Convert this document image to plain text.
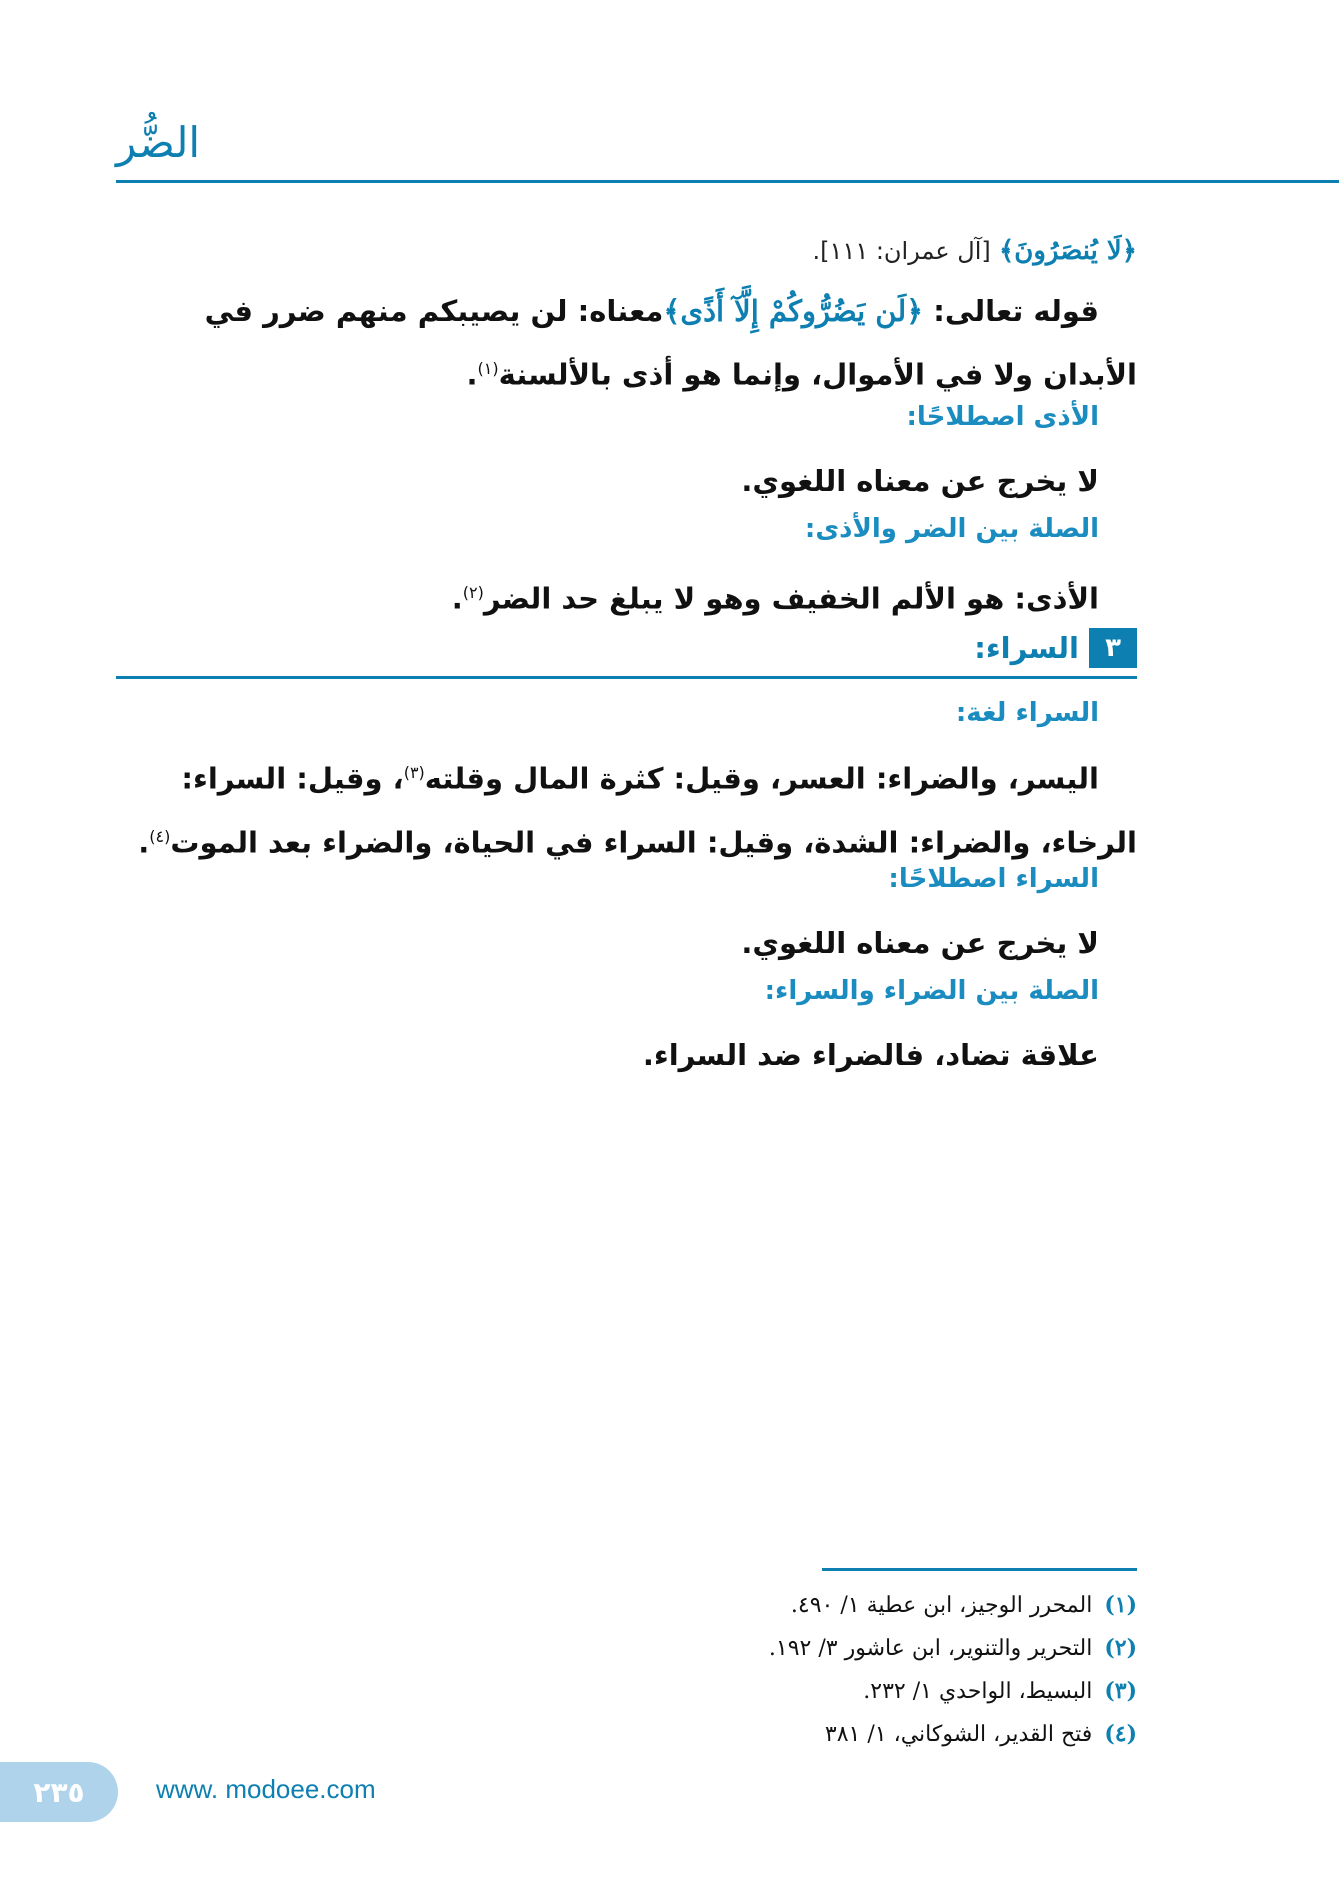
الضُّر
﴿لَا يُنصَرُونَ﴾ [آل عمران: ١١١].
قوله تعالى: ﴿لَن يَضُرُّوكُمْ إِلَّآ أَذًى﴾معناه: لن يصيبكم منهم ضرر في الأبدان ولا في الأموال، وإنما هو أذى بالألسنة$^{(١)}$.
الأذى اصطلاحًا:
لا يخرج عن معناه اللغوي.
الصلة بين الضر والأذى:
الأذى: هو الألم الخفيف وهو لا يبلغ حد الضر$^{(٢)}$.
٣
السراء:
السراء لغة:
اليسر، والضراء: العسر، وقيل: كثرة المال وقلته$^{(٣)}$، وقيل: السراء: الرخاء، والضراء: الشدة، وقيل: السراء في الحياة، والضراء بعد الموت$^{(٤)}$.
السراء اصطلاحًا:
لا يخرج عن معناه اللغوي.
الصلة بين الضراء والسراء:
علاقة تضاد، فالضراء ضد السراء.
(١)المحرر الوجيز، ابن عطية ١/ ٤٩٠.
(٢)التحرير والتنوير، ابن عاشور ٣/ ١٩٢.
(٣)البسيط، الواحدي ١/ ٢٣٢.
(٤)فتح القدير، الشوكاني، ١/ ٣٨١
٢٣٥	www. modoee.com
